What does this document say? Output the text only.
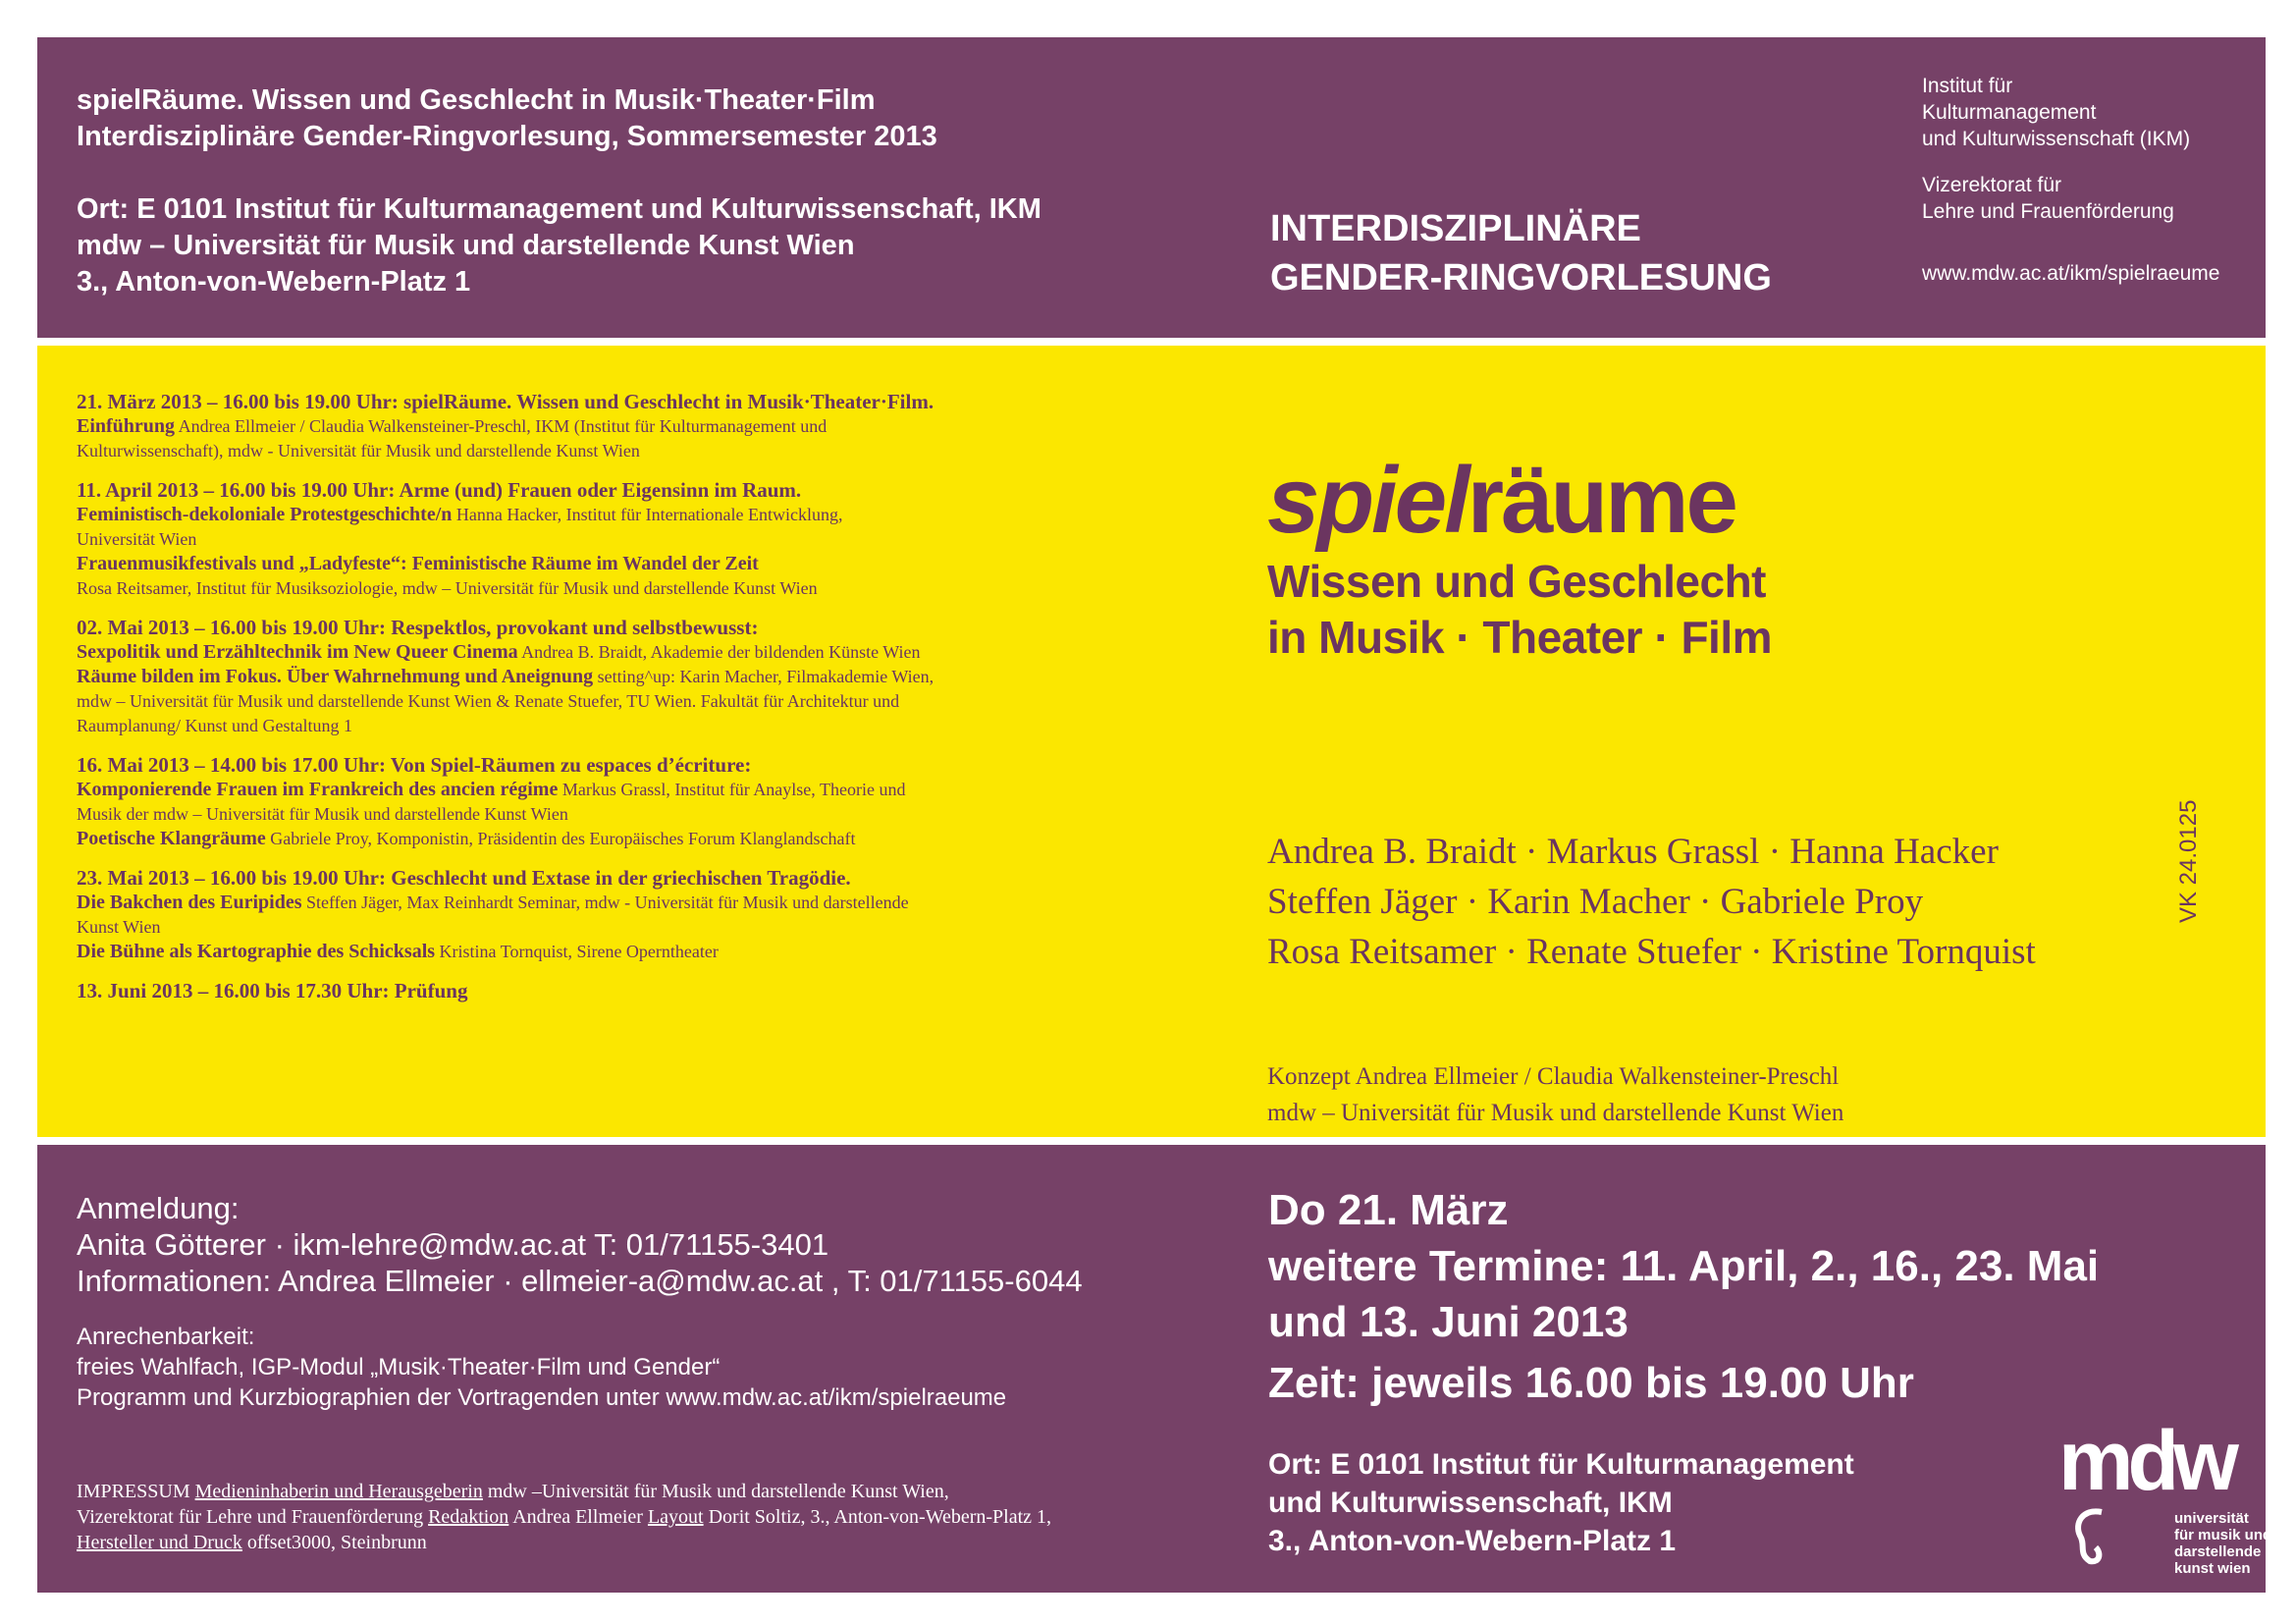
spielRäume. Wissen und Geschlecht in Musik·Theater·Film
Interdisziplinäre Gender-Ringvorlesung, Sommersemester 2013
Ort: E 0101 Institut für Kulturmanagement und Kulturwissenschaft, IKM
mdw – Universität für Musik und darstellende Kunst Wien
3., Anton-von-Webern-Platz 1
INTERDISZIPLINÄRE
GENDER-RINGVORLESUNG
Institut für
Kulturmanagement
und Kulturwissenschaft (IKM)
Vizerektorat für
Lehre und Frauenförderung
www.mdw.ac.at/ikm/spielraeume
21. März 2013 – 16.00 bis 19.00 Uhr: spielRäume. Wissen und Geschlecht in Musik·Theater·Film.
Einführung Andrea Ellmeier / Claudia Walkensteiner-Preschl, IKM (Institut für Kulturmanagement und
Kulturwissenschaft), mdw - Universität für Musik und darstellende Kunst Wien
11. April 2013 – 16.00 bis 19.00 Uhr: Arme (und) Frauen oder Eigensinn im Raum.
Feministisch-dekoloniale Protestgeschichte/n Hanna Hacker, Institut für Internationale Entwicklung,
Universität Wien
Frauenmusikfestivals und „Ladyfeste“: Feministische Räume im Wandel der Zeit
Rosa Reitsamer, Institut für Musiksoziologie, mdw – Universität für Musik und darstellende Kunst Wien
02. Mai 2013 – 16.00 bis 19.00 Uhr: Respektlos, provokant und selbstbewusst:
Sexpolitik und Erzähltechnik im New Queer Cinema Andrea B. Braidt, Akademie der bildenden Künste Wien
Räume bilden im Fokus. Über Wahrnehmung und Aneignung setting^up: Karin Macher, Filmakademie Wien,
mdw – Universität für Musik und darstellende Kunst Wien & Renate Stuefer, TU Wien. Fakultät für Architektur und
Raumplanung/ Kunst und Gestaltung 1
16. Mai 2013 – 14.00 bis 17.00 Uhr: Von Spiel-Räumen zu espaces d’écriture:
Komponierende Frauen im Frankreich des ancien régime Markus Grassl, Institut für Anaylse, Theorie und
Musik der mdw – Universität für Musik und darstellende Kunst Wien
Poetische Klangräume Gabriele Proy, Komponistin, Präsidentin des Europäisches Forum Klanglandschaft
23. Mai 2013 – 16.00 bis 19.00 Uhr: Geschlecht und Extase in der griechischen Tragödie.
Die Bakchen des Euripides Steffen Jäger, Max Reinhardt Seminar, mdw - Universität für Musik und darstellende
Kunst Wien
Die Bühne als Kartographie des Schicksals Kristina Tornquist, Sirene Operntheater
13. Juni 2013 – 16.00 bis 17.30 Uhr: Prüfung
spielräume
Wissen und Geschlecht
in Musik · Theater · Film
Andrea B. Braidt · Markus Grassl · Hanna Hacker
Steffen Jäger · Karin Macher · Gabriele Proy
Rosa Reitsamer · Renate Stuefer · Kristine Tornquist
Konzept Andrea Ellmeier / Claudia Walkensteiner-Preschl
mdw – Universität für Musik und darstellende Kunst Wien
VK 24.0125
Anmeldung:
Anita Götterer · ikm-lehre@mdw.ac.at T: 01/71155-3401
Informationen: Andrea Ellmeier · ellmeier-a@mdw.ac.at , T: 01/71155-6044
Anrechenbarkeit:
freies Wahlfach, IGP-Modul „Musik·Theater·Film und Gender“
Programm und Kurzbiographien der Vortragenden unter www.mdw.ac.at/ikm/spielraeume
IMPRESSUM Medieninhaberin und Herausgeberin mdw –Universität für Musik und darstellende Kunst Wien,
Vizerektorat für Lehre und Frauenförderung Redaktion Andrea Ellmeier Layout Dorit Soltiz, 3., Anton-von-Webern-Platz 1,
Hersteller und Druck offset3000, Steinbrunn
Do 21. März
weitere Termine: 11. April, 2., 16., 23. Mai
und 13. Juni 2013
Zeit: jeweils 16.00 bis 19.00 Uhr
Ort: E 0101 Institut für Kulturmanagement
und Kulturwissenschaft, IKM
3., Anton-von-Webern-Platz 1
mdw
universität
für musik und
darstellende
kunst wien
